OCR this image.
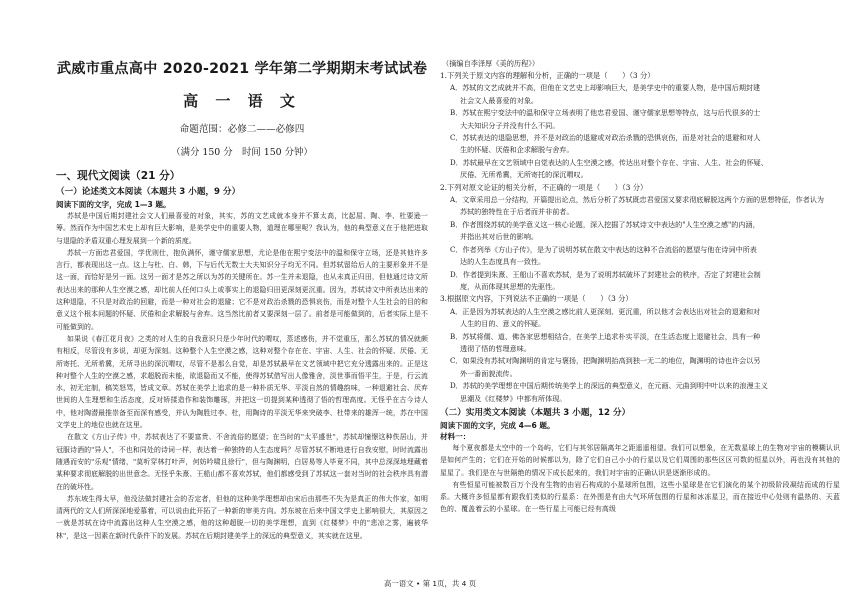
武威市重点高中 2020-2021 学年第二学期期末考试试卷
高 一 语 文
命题范围：必修二——必修四
（满分 150 分　时间 150 分钟）
一、现代文阅读（21 分）
（一）论述类文本阅读（本题共 3 小题，9 分）
阅读下面的文字，完成 1—3 题。

苏轼是中国后期封建社会文人们最喜爱的对象，其实，苏的文艺成就本身并不算太高，比起屈、陶、李、杜要逊一筹。然而作为中国艺术史上却有巨大影响，是美学史中的重要人物，道理在哪里呢？我认为，他的典型意义在于他把进取与退隐的矛盾双重心理发展到一个新的质度。

苏轼一方面忠君爱国，学优则仕，抱负满怀，谨守儒家思想，尤论是他在熙宁变法中的温和保守立场，还是其他许多言行，都表现出这一点。这上与杜、白、韩，下与后代无数士大夫知识分子均无不同。但苏轼留给后人的主要形象并不是这一面，而恰好是另一面。这另一面才是苏之所以为苏的关键所在。苏一生并未退隐，也从未真正归田，但他通过诗文所表达出来的那种人生空漠之感，却比前人任何口头上或事实上的退隐归田更深刻更沉重。因为，苏轼诗文中所表达出来的这种退隐，不只是对政治的回避，而是一种对社会的退避；它不是对政治杀戮的恐惧哀伤，而是对整个人生社会的目的和意义这个根本问题的怀疑、厌倦和企求解脱与舍弃。这当然比前者又要深刻一层了。前者是可能做到的，后者实际上是不可能做到的。

如果说《春江花月夜》之类的对人生的自我意识只是少年时代的喟叹，蒸述感伤，并不觉重压，那么苏轼的情况就颇有相反，尽管没有多说，却更为深刻。这种整个人生空漠之感，这种对整个存在在、宇宙、人生、社会的怀疑、厌倦、无所寄托、无所希冀，无所寻出的深沉喟叹，尽管不是那么自觉，却是苏轼最早在文艺领域中把它充分透露出来的。正是这种对整个人生的空漠之感，求超脱而未能，欲退隐而又不能，使得苏轼借写出人像雅舍，淡世事而悟平生，于是，行云流水，初无定制，稿笑怒骂，皆成文章。苏轼在美学上追求的是一种朴质无华、平淡自然的情趣韵味，一种退避社会、厌弃世间的人生理想和生活态度，反对矫揉造作和装饰雕琢，并把这一切提到某种透彻了悟的哲理高度。无怪乎在古今诗人中，他对陶潜最推崇备至而深有感受，并认为陶胜过李、杜，用陶诗的平淡无华来突破李、杜带来的雄浑一统，苏在中国文学史上的地位也就在这里。

在散文《方山子传》中，苏轼表达了不要富贵、不舍流俗的愿望；在当时的"太平盛世"，苏轼却憧憬这种佚居山，并冠服诗酒的"异人"，不也和同处的诗词一样，表达着一种独特的人生态度吗？尽管苏轼不断地进行自我安慰，时时流露出随遇而安的"乐观"情绪，"莫听穿林打叶声，何妨吟啸且徐行"，但与陶渊明，白居易等人毕竟不同，其中总深深地埋藏着某种要求彻底解脱的出世意念。无怪乎朱熹、王船山都不喜欢苏轼，他们都感受到了苏轼这一套对当时的社会秩序具有潜在的破坏性。

苏东坡生得太早，他没法做封建社会的否定者，但他的这种美学理想却由宋后由那些不失为是真正的伟大作家，如明清两代的文人们所深深地爱慕着，可以说由此开拓了一种新的审美方向。苏东坡在后来中国文学史上影响很大，其原因之一就是苏轼在诗中流露出这种人生空漠之感，他的这种超脱一切的美学理想，直到《红楼梦》中的"悲凉之雾，遍被华林"，是这一因素在新时代条件下的发展。苏轼在后期封建美学上的深远的典型意义，其实就在这里。

（摘编自李泽厚《美的历程》）
1.下列关于原文内容的理解和分析，正确的一项是（　　）（3 分）
A．苏轼的文艺成就并不高，但他在文艺史上却影响巨大，是美学史中的重要人物，是中国后期封建
社会文人最喜爱的对象。
B．苏轼在熙宁变法中的温和保守立场表明了他忠君爱国、谨守儒家思想等特点，这与后代很多的士
大夫知识分子并没有什么不同。
C．苏轼表达的退隐思想，并不是对政治的退避或对政治杀戮的恐惧哀伤，而是对社会的退避和对人
生的怀疑、厌倦和企求解脱与舍弃。
D．苏轼最早在文艺领域中自觉表达的人生空漠之感，传达出对整个存在、宇宙、人生、社会的怀疑、
厌倦、无所希冀，无所寄托的深沉喟叹。
2.下列对原文论证的相关分析，不正确的一项是（　　）（3 分）
A．文章采用总一分结构，开篇提出论点，然后分析了苏轼既忠君爱国又要求彻底解脱这两个方面的思想特征，作者认为
苏轼的独特性在于后者而并非前者。
B．作者围绕苏轼的美学意义这一核心论题，深入挖掘了苏轼诗文中表达的"人生空漠之感"的内涵，
并指出其对后世的影响。
C．作者列举《方山子传》，是为了说明苏轼在散文中表达的这种不合流俗的愿望与他在诗词中所表
达的人生态度具有一致性。
D．作者提到朱熹、王船山不喜欢苏轼，是为了说明苏轼破坏了封建社会的秩序，否定了封建社会制
度，从而体现其思想的先驱性。
3.根据原文内容，下列说法不正确的一项是（　　）（3 分）
A．正是因为苏轼表达的人生空漠之感比前人更深刻、更沉重，所以他才会表达出对社会的退避和对
人生的目的、意义的怀疑。
B．苏轼将儒、道、佛各家思想相结合，在美学上追求朴实平淡，在生活态度上退避社会，具有一种
透彻了悟的哲理意味。
C．如果没有苏轼对陶渊明的肯定与褒扬，把陶渊明抬高到独一无二的地位，陶渊明的诗也许会以另
外一番面貌流传。
D．苏轼的美学理想在中国后期传统美学上的深远的典型意义，在元画、元曲到明中叶以来的浪漫主义
思潮及《红楼梦》中都有所体现。
（二）实用类文本阅读（本题共 3 小题，12 分）
阅读下面的文字，完成 4—6 题。
材料一：

每个夏夜都是太空中的一个岛屿，它们与其邻居隔离年之距遥遥相望。我们可以想象，在无数星球上的生物对宇宙的模糊认识是如何产生的；它们在开始的时候都以为，除了它们自己小小的行星以及它们周围的那些区区可数的恒星以外，再也没有其他的星星了。我们是在与世隔绝的情况下成长起来的，我们对宇宙的正确认识是逐渐形成的。

有些恒星可能被数百万个没有生物的由岩石构成的小星球所包围，这些小星球是在它们演化的某个初级阶段凝结而成的行星系。大概许多恒星都有跟我们类似的行星系：在外围是有由大气环所包围的行星和冰冻星卫，而在接近中心处则有温热的、天蓝色的、覆盖着云的小星球。在一些行星上可能已经有高级

高一语文 • 第 1页，共 4 页
